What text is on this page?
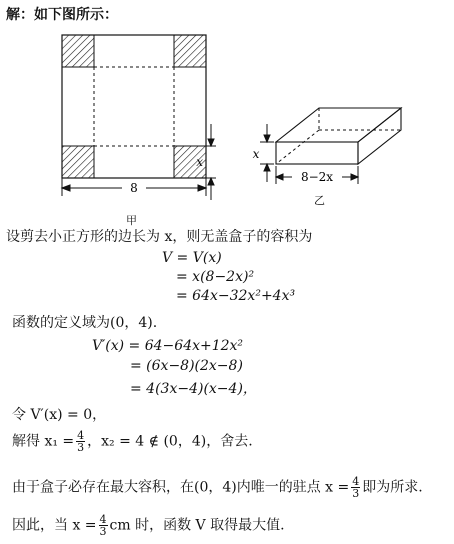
解：如下图所示：
8
x
甲
x
8−2x
乙
设剪去小正方形的边长为 x，则无盖盒子的容积为
V = V(x)
= x(8−2x)²
= 64x−32x²+4x³
函数的定义域为(0，4).
V′(x) = 64−64x+12x²
= (6x−8)(2x−8)
= 4(3x−4)(x−4)，
令 V′(x) = 0，
解得 $x_1 = \frac{4}{3}$ ，x₂ = 4 ∉ (0，4)，舍去.
由于盒子必存在最大容积，在(0，4)内唯一的驻点 $x = \frac{4}{3}$ 即为所求.
因此，当 $x = \frac{4}{3}$ cm 时，函数 V 取得最大值.
